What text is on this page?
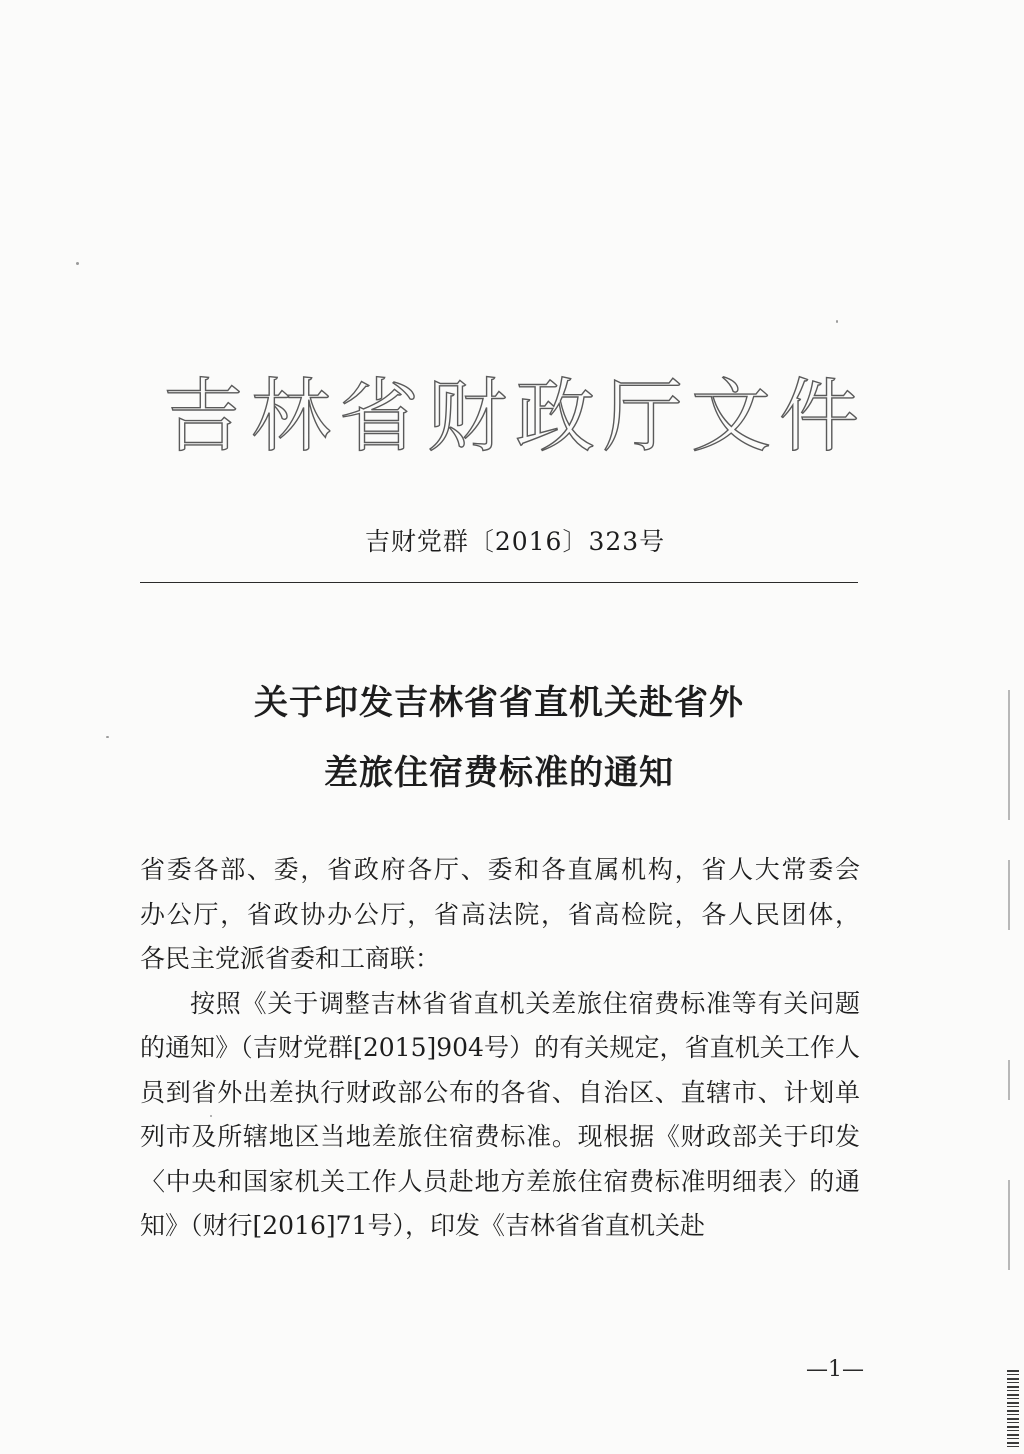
吉林省财政厅文件
吉财党群〔2016〕323号
关于印发吉林省省直机关赴省外
差旅住宿费标准的通知

省委各部、委，省政府各厅、委和各直属机构，省人大常委会

办公厅，省政协办公厅，省高法院，省高检院，各人民团体，

各民主党派省委和工商联：

按照《关于调整吉林省省直机关差旅住宿费标准等有关问题的通知》（吉财党群[2015]904号）的有关规定，省直机关工作人员到省外出差执行财政部公布的各省、自治区、直辖市、计划单列市及所辖地区当地差旅住宿费标准。现根据《财政部关于印发〈中央和国家机关工作人员赴地方差旅住宿费标准明细表〉的通知》（财行[2016]71号），印发《吉林省省直机关赴

—1—
